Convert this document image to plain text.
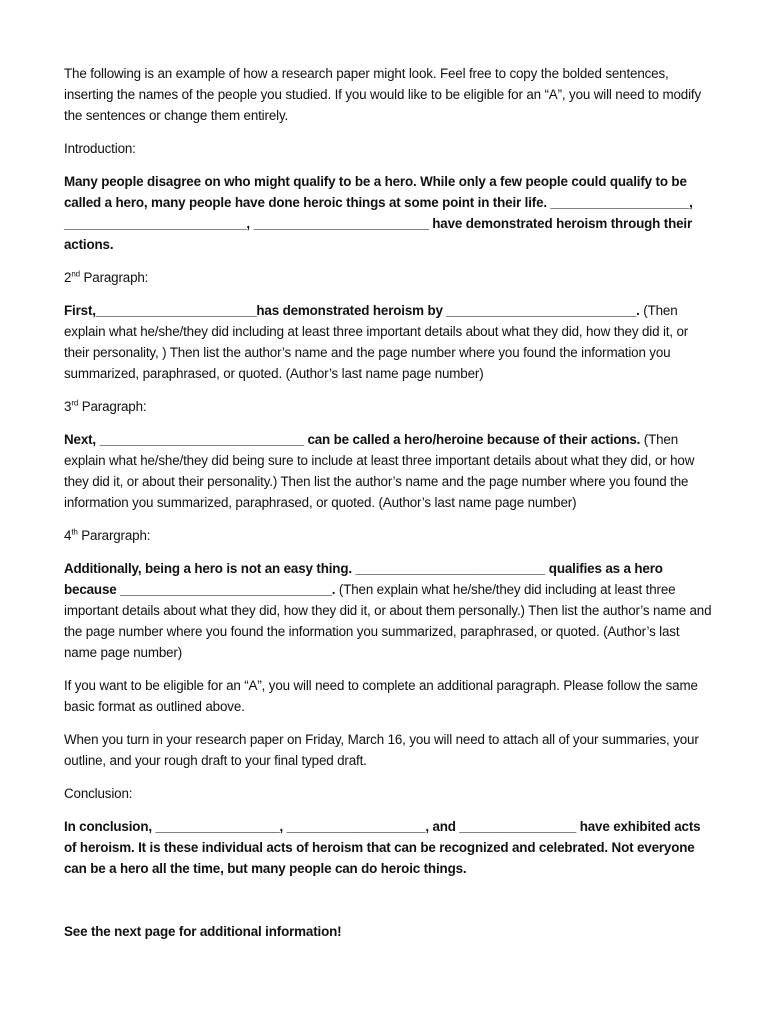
The following is an example of how a research paper might look. Feel free to copy the bolded sentences, inserting the names of the people you studied. If you would like to be eligible for an “A”, you will need to modify the sentences or change them entirely.

Introduction:

Many people disagree on who might qualify to be a hero. While only a few people could qualify to be called a hero, many people have done heroic things at some point in their life. ___________________, _________________________, ________________________ have demonstrated heroism through their actions.

2nd Paragraph:

First,______________________has demonstrated heroism by __________________________. (Then explain what he/she/they did including at least three important details about what they did, how they did it, or their personality, ) Then list the author’s name and the page number where you found the information you summarized, paraphrased, or quoted. (Author’s last name page number)

3rd Paragraph:

Next, ____________________________ can be called a hero/heroine because of their actions. (Then explain what he/she/they did being sure to include at least three important details about what they did, or how they did it, or about their personality.) Then list the author’s name and the page number where you found the information you summarized, paraphrased, or quoted. (Author’s last name page number)

4th Parargraph:

Additionally, being a hero is not an easy thing. __________________________ qualifies as a hero because _____________________________. (Then explain what he/she/they did including at least three important details about what they did, how they did it, or about them personally.) Then list the author’s name and the page number where you found the information you summarized, paraphrased, or quoted. (Author’s last name page number)

If you want to be eligible for an “A”, you will need to complete an additional paragraph. Please follow the same basic format as outlined above.

When you turn in your research paper on Friday, March 16, you will need to attach all of your summaries, your outline, and your rough draft to your final typed draft.

Conclusion:

In conclusion, _________________, ___________________, and ________________ have exhibited acts of heroism. It is these individual acts of heroism that can be recognized and celebrated. Not everyone can be a hero all the time, but many people can do heroic things.

See the next page for additional information!
